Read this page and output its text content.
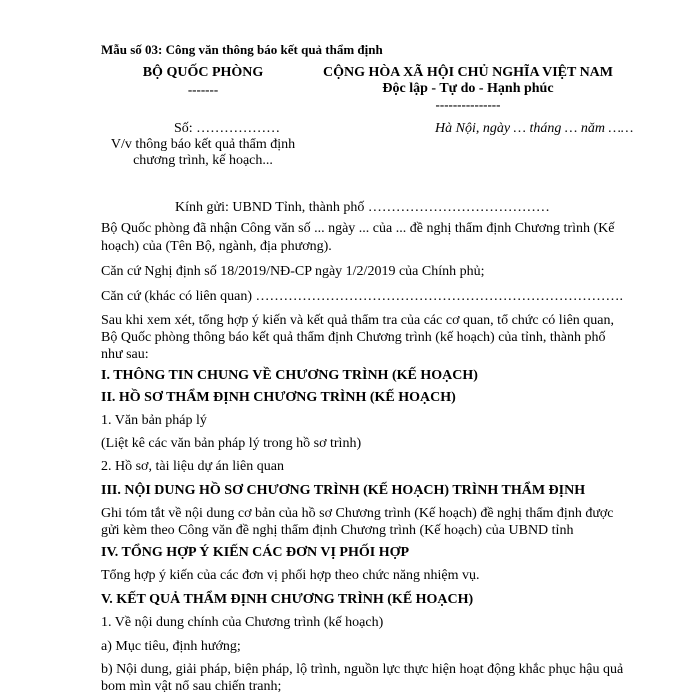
Mẫu số 03: Công văn thông báo kết quả thẩm định
BỘ QUỐC PHÒNG
-------
CỘNG HÒA XÃ HỘI CHỦ NGHĨA VIỆT NAM
Độc lập - Tự do - Hạnh phúc
---------------
Số: ………………	Hà Nội, ngày … tháng … năm ……
V/v thông báo kết quả thẩm định
chương trình, kế hoạch...
Kính gửi: UBND Tỉnh, thành phố …………………………………
Bộ Quốc phòng đã nhận Công văn số ... ngày ... của ... đề nghị thẩm định Chương trình (Kế
hoạch) của (Tên Bộ, ngành, địa phương).
Căn cứ Nghị định số 18/2019/NĐ-CP ngày 1/2/2019 của Chính phủ;
Căn cứ (khác có liên quan) …………………………………………………………………….
Sau khi xem xét, tổng hợp ý kiến và kết quả thẩm tra của các cơ quan, tổ chức có liên quan,
Bộ Quốc phòng thông báo kết quả thẩm định Chương trình (kế hoạch) của tỉnh, thành phố
như sau:
I. THÔNG TIN CHUNG VỀ CHƯƠNG TRÌNH (KẾ HOẠCH)
II. HỒ SƠ THẨM ĐỊNH CHƯƠNG TRÌNH (KẾ HOẠCH)
1. Văn bản pháp lý
(Liệt kê các văn bản pháp lý trong hồ sơ trình)
2. Hồ sơ, tài liệu dự án liên quan
III. NỘI DUNG HỒ SƠ CHƯƠNG TRÌNH (KẾ HOẠCH) TRÌNH THẨM ĐỊNH
Ghi tóm tắt về nội dung cơ bản của hồ sơ Chương trình (Kế hoạch) đề nghị thẩm định được
gửi kèm theo Công văn đề nghị thẩm định Chương trình (Kế hoạch) của UBND tỉnh
IV. TỔNG HỢP Ý KIẾN CÁC ĐƠN VỊ PHỐI HỢP
Tổng hợp ý kiến của các đơn vị phối hợp theo chức năng nhiệm vụ.
V. KẾT QUẢ THẨM ĐỊNH CHƯƠNG TRÌNH (KẾ HOẠCH)
1. Về nội dung chính của Chương trình (kế hoạch)
a) Mục tiêu, định hướng;
b) Nội dung, giải pháp, biện pháp, lộ trình, nguồn lực thực hiện hoạt động khắc phục hậu quả
bom mìn vật nổ sau chiến tranh;
